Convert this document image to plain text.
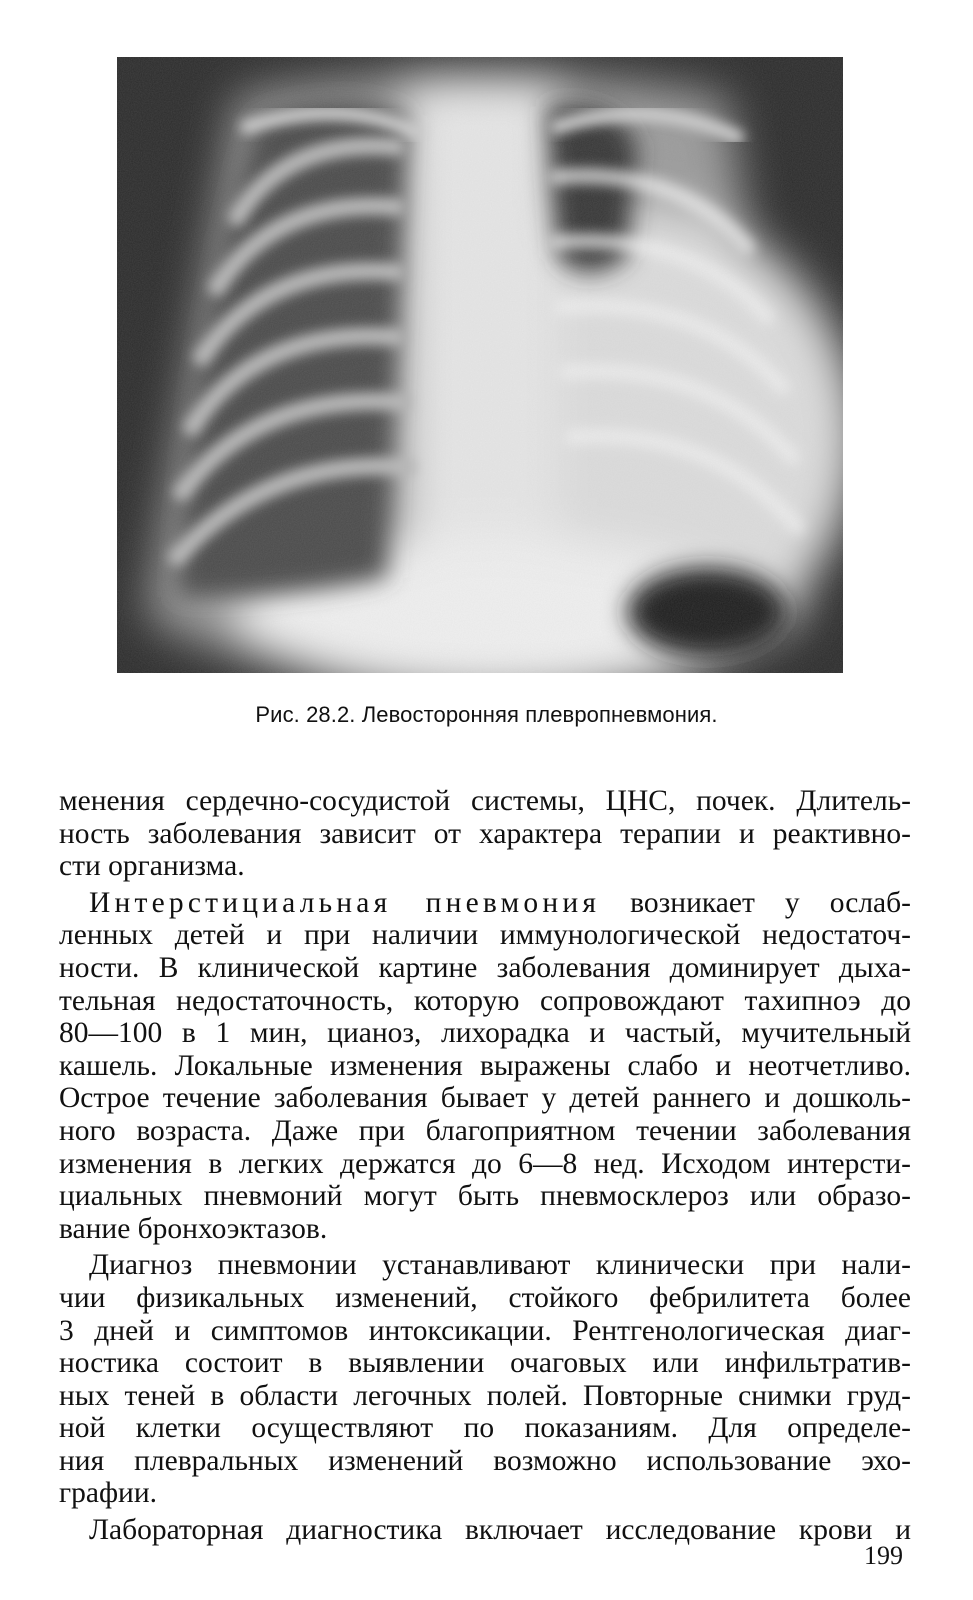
Рис. 28.2. Левосторонняя плевропневмония.
менения сердечно-сосудистой системы, ЦНС, почек. Длитель-
ность заболевания зависит от характера терапии и реактивно-
сти организма.
Интерстициальная пневмония возникает у ослаб-
ленных детей и при наличии иммунологической недостаточ-
ности. В клинической картине заболевания доминирует дыха-
тельная недостаточность, которую сопровождают тахипноэ до
80—100 в 1 мин, цианоз, лихорадка и частый, мучительный
кашель. Локальные изменения выражены слабо и неотчетливо.
Острое течение заболевания бывает у детей раннего и дошколь-
ного возраста. Даже при благоприятном течении заболевания
изменения в легких держатся до 6—8 нед. Исходом интерсти-
циальных пневмоний могут быть пневмосклероз или образо-
вание бронхоэктазов.
Диагноз пневмонии устанавливают клинически при нали-
чии физикальных изменений, стойкого фебрилитета более
3 дней и симптомов интоксикации. Рентгенологическая диаг-
ностика состоит в выявлении очаговых или инфильтратив-
ных теней в области легочных полей. Повторные снимки груд-
ной клетки осуществляют по показаниям. Для определе-
ния плевральных изменений возможно использование эхо-
графии.
Лабораторная диагностика включает исследование крови и
199
